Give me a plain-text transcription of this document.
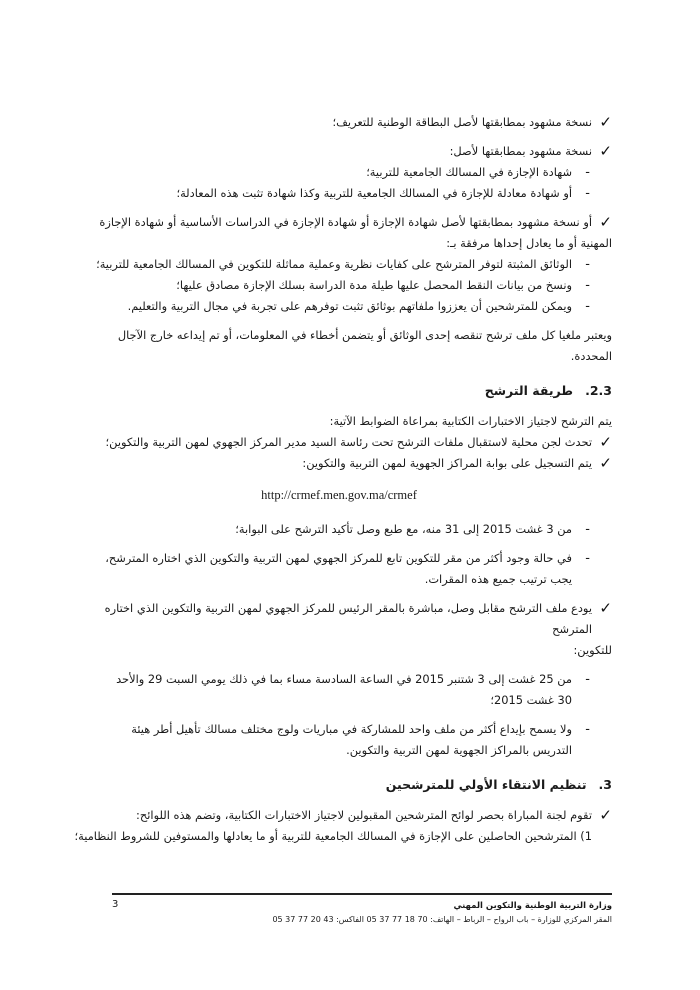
✓
نسخة مشهود بمطابقتها لأصل البطاقة الوطنية للتعريف؛

✓
نسخة مشهود بمطابقتها لأصل:

-
شهادة الإجازة في المسالك الجامعية للتربية؛

-
أو شهادة معادلة للإجازة في المسالك الجامعية للتربية وكذا شهادة تثبت هذه المعادلة؛

✓
أو نسخة مشهود بمطابقتها لأصل شهادة الإجازة أو شهادة الإجازة في الدراسات الأساسية أو شهادة الإجازة

المهنية أو ما يعادل إحداها مرفقة بـ:

-
الوثائق المثبتة لتوفر المترشح على كفايات نظرية وعملية مماثلة للتكوين في المسالك الجامعية للتربية؛

-
ونسخ من بيانات النقط المحصل عليها طيلة مدة الدراسة بسلك الإجازة مصادق عليها؛

-
ويمكن للمترشحين أن يعززوا ملفاتهم بوثائق تثبت توفرهم على تجربة في مجال التربية والتعليم.

ويعتبر ملغيا كل ملف ترشح تنقصه إحدى الوثائق أو يتضمن أخطاء في المعلومات، أو تم إيداعه خارج الآجال

المحددة.

2.3.طريقة الترشح

يتم الترشح لاجتياز الاختبارات الكتابية بمراعاة الضوابط الآتية:

✓
تحدث لجن محلية لاستقبال ملفات الترشح تحت رئاسة السيد مدير المركز الجهوي لمهن التربية والتكوين؛

✓
يتم التسجيل على بوابة المراكز الجهوية لمهن التربية والتكوين:

http://crmef.men.gov.ma/crmef

-
من 3 غشت 2015 إلى 31 منه، مع طبع وصل تأكيد الترشح على البوابة؛

-
في حالة وجود أكثر من مقر للتكوين تابع للمركز الجهوي لمهن التربية والتكوين الذي اختاره المترشح،
يجب ترتيب جميع هذه المقرات.

✓
يودع ملف الترشح مقابل وصل، مباشرة بالمقر الرئيس للمركز الجهوي لمهن التربية والتكوين الذي اختاره المترشح

للتكوين:

-
من 25 غشت إلى 3 شتنبر 2015 في الساعة السادسة مساء بما في ذلك يومي السبت 29 والأحد
30 غشت 2015؛

-
ولا يسمح بإيداع أكثر من ملف واحد للمشاركة في مباريات ولوج مختلف مسالك تأهيل أطر هيئة
التدريس بالمراكز الجهوية لمهن التربية والتكوين.

3.تنظيم الانتقاء الأولي للمترشحين

✓
تقوم لجنة المباراة بحصر لوائح المترشحين المقبولين لاجتياز الاختبارات الكتابية، وتضم هذه اللوائح:

1) المترشحين الحاصلين على الإجازة في المسالك الجامعية للتربية أو ما يعادلها والمستوفين للشروط النظامية؛

3	وزارة التربية الوطنية والتكوين المهني
المقر المركزي للوزارة – باب الرواح – الرباط – الهاتف: 70 18 77 37 05 الفاكس: 43 20 77 37 05
